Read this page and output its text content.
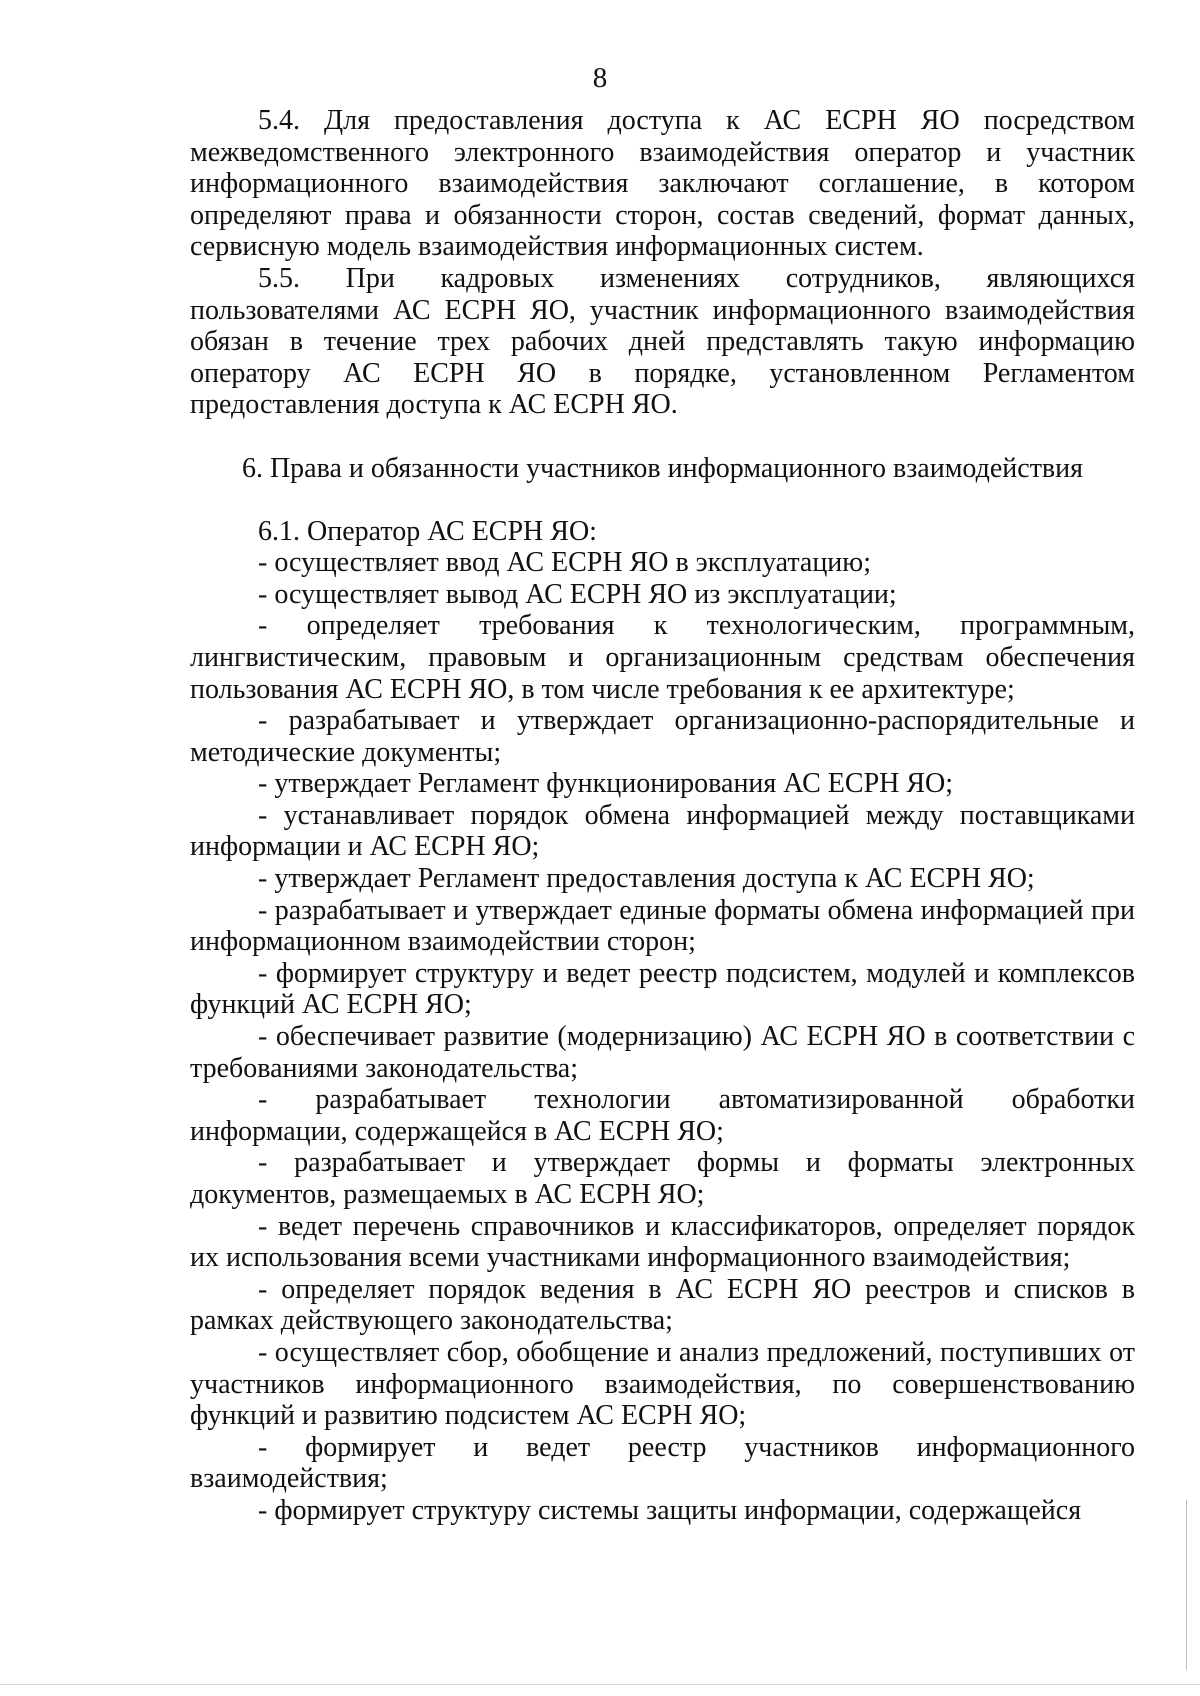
8

5.4. Для предоставления доступа к АС ЕСРН ЯО посредством межведомственного электронного взаимодействия оператор и участник информационного взаимодействия заключают соглашение, в котором определяют права и обязанности сторон, состав сведений, формат данных, сервисную модель взаимодействия информационных систем.

5.5. При кадровых изменениях сотрудников, являющихся пользователями АС ЕСРН ЯО, участник информационного взаимодействия обязан в течение трех рабочих дней представлять такую информацию оператору АС ЕСРН ЯО в порядке, установленном Регламентом предоставления доступа к АС ЕСРН ЯО.

6. Права и обязанности участников информационного взаимодействия

6.1. Оператор АС ЕСРН ЯО:

- осуществляет ввод АС ЕСРН ЯО в эксплуатацию;

- осуществляет вывод АС ЕСРН ЯО из эксплуатации;

- определяет требования к технологическим, программным, лингвистическим, правовым и организационным средствам обеспечения пользования АС ЕСРН ЯО, в том числе требования к ее архитектуре;

- разрабатывает и утверждает организационно-распорядительные и методические документы;

- утверждает Регламент функционирования АС ЕСРН ЯО;

- устанавливает порядок обмена информацией между поставщиками информации и АС ЕСРН ЯО;

- утверждает Регламент предоставления доступа к АС ЕСРН ЯО;

- разрабатывает и утверждает единые форматы обмена информацией при информационном взаимодействии сторон;

- формирует структуру и ведет реестр подсистем, модулей и комплексов функций АС ЕСРН ЯО;

- обеспечивает развитие (модернизацию) АС ЕСРН ЯО в соответствии с требованиями законодательства;

- разрабатывает технологии автоматизированной обработки информации, содержащейся в АС ЕСРН ЯО;

- разрабатывает и утверждает формы и форматы электронных документов, размещаемых в АС ЕСРН ЯО;

- ведет перечень справочников и классификаторов, определяет порядок их использования всеми участниками информационного взаимодействия;

- определяет порядок ведения в АС ЕСРН ЯО реестров и списков в рамках действующего законодательства;

- осуществляет сбор, обобщение и анализ предложений, поступивших от участников информационного взаимодействия, по совершенствованию функций и развитию подсистем АС ЕСРН ЯО;

- формирует и ведет реестр участников информационного взаимодействия;

- формирует структуру системы защиты информации, содержащейся
